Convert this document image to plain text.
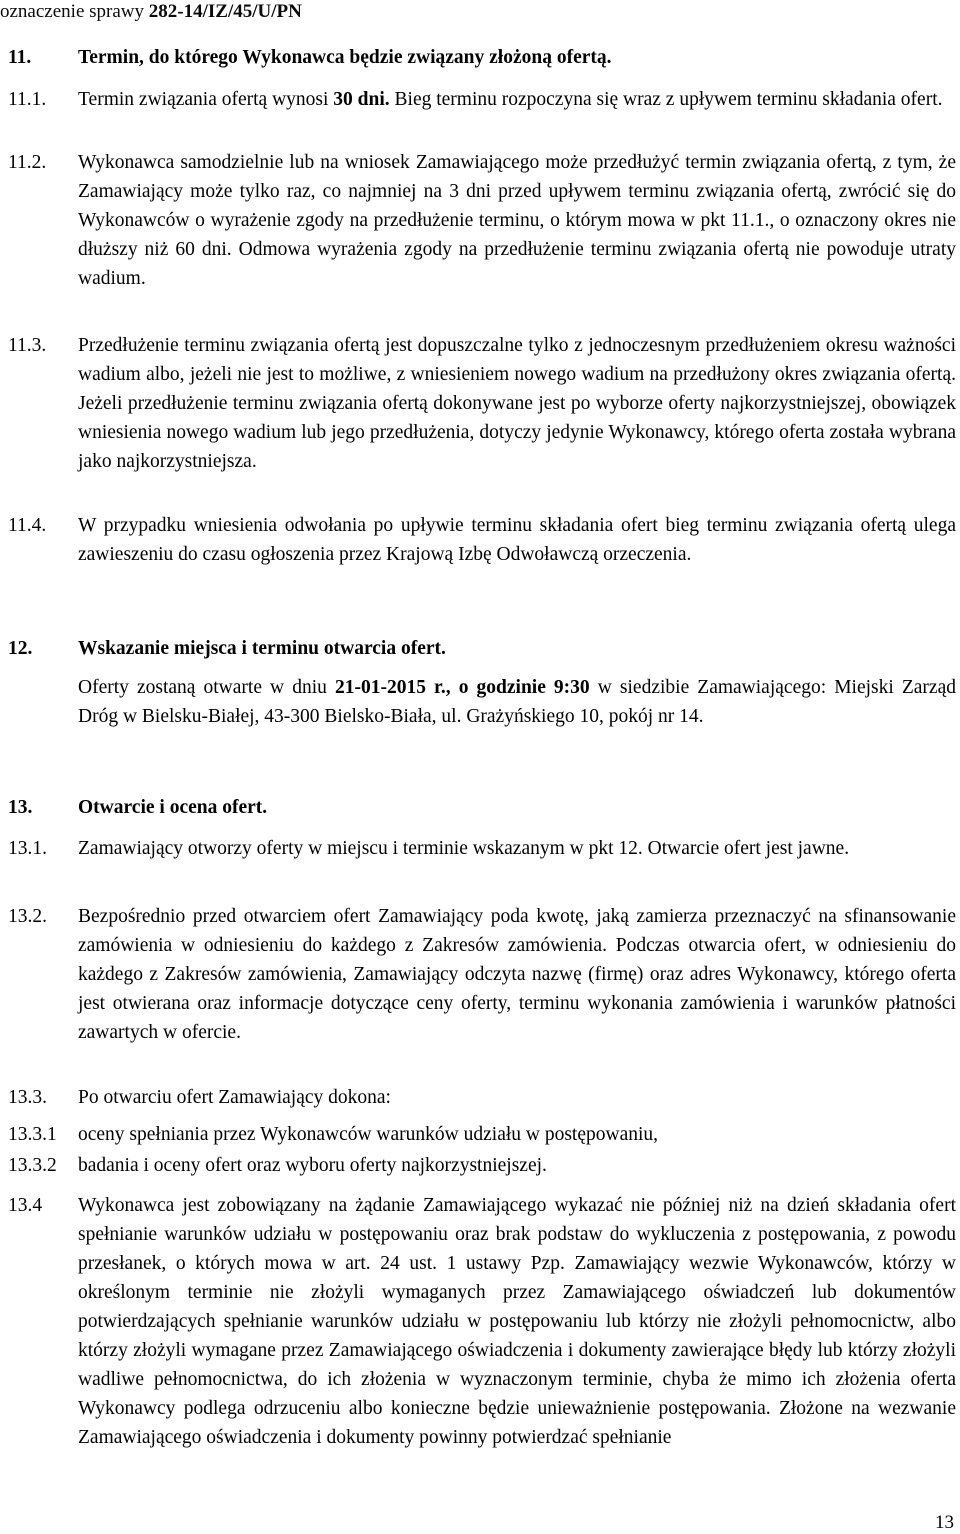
oznaczenie sprawy 282-14/IZ/45/U/PN
11.	Termin, do którego Wykonawca będzie związany złożoną ofertą.
11.1.	Termin związania ofertą wynosi 30 dni. Bieg terminu rozpoczyna się wraz z upływem terminu składania ofert.
11.2.	Wykonawca samodzielnie lub na wniosek Zamawiającego może przedłużyć termin związania ofertą, z tym, że Zamawiający może tylko raz, co najmniej na 3 dni przed upływem terminu związania ofertą, zwrócić się do Wykonawców o wyrażenie zgody na przedłużenie terminu, o którym mowa w pkt 11.1., o oznaczony okres nie dłuższy niż 60 dni. Odmowa wyrażenia zgody na przedłużenie terminu związania ofertą nie powoduje utraty wadium.
11.3.	Przedłużenie terminu związania ofertą jest dopuszczalne tylko z jednoczesnym przedłużeniem okresu ważności wadium albo, jeżeli nie jest to możliwe, z wniesieniem nowego wadium na przedłużony okres związania ofertą. Jeżeli przedłużenie terminu związania ofertą dokonywane jest po wyborze oferty najkorzystniejszej, obowiązek wniesienia nowego wadium lub jego przedłużenia, dotyczy jedynie Wykonawcy, którego oferta została wybrana jako najkorzystniejsza.
11.4.	W przypadku wniesienia odwołania po upływie terminu składania ofert bieg terminu związania ofertą ulega zawieszeniu do czasu ogłoszenia przez Krajową Izbę Odwoławczą orzeczenia.
12.	Wskazanie miejsca i terminu otwarcia ofert.
Oferty zostaną otwarte w dniu 21-01-2015 r., o godzinie 9:30 w siedzibie Zamawiającego: Miejski Zarząd Dróg w Bielsku-Białej, 43-300 Bielsko-Biała, ul. Grażyńskiego 10, pokój nr 14.
13.	Otwarcie i ocena ofert.
13.1.	Zamawiający otworzy oferty w miejscu i terminie wskazanym w pkt 12. Otwarcie ofert jest jawne.
13.2.	Bezpośrednio przed otwarciem ofert Zamawiający poda kwotę, jaką zamierza przeznaczyć na sfinansowanie zamówienia w odniesieniu do każdego z Zakresów zamówienia. Podczas otwarcia ofert, w odniesieniu do każdego z Zakresów zamówienia, Zamawiający odczyta nazwę (firmę) oraz adres Wykonawcy, którego oferta jest otwierana oraz informacje dotyczące ceny oferty, terminu wykonania zamówienia i warunków płatności zawartych w ofercie.
13.3.	Po otwarciu ofert Zamawiający dokona:
13.3.1	oceny spełniania przez Wykonawców warunków udziału w postępowaniu,
13.3.2	badania i oceny ofert oraz wyboru oferty najkorzystniejszej.
13.4	Wykonawca jest zobowiązany na żądanie Zamawiającego wykazać nie później niż na dzień składania ofert spełnianie warunków udziału w postępowaniu oraz brak podstaw do wykluczenia z postępowania, z powodu przesłanek, o których mowa w art. 24 ust. 1 ustawy Pzp. Zamawiający wezwie Wykonawców, którzy w określonym terminie nie złożyli wymaganych przez Zamawiającego oświadczeń lub dokumentów potwierdzających spełnianie warunków udziału w postępowaniu lub którzy nie złożyli pełnomocnictw, albo którzy złożyli wymagane przez Zamawiającego oświadczenia i dokumenty zawierające błędy lub którzy złożyli wadliwe pełnomocnictwa, do ich złożenia w wyznaczonym terminie, chyba że mimo ich złożenia oferta Wykonawcy podlega odrzuceniu albo konieczne będzie unieważnienie postępowania. Złożone na wezwanie Zamawiającego oświadczenia i dokumenty powinny potwierdzać spełnianie
13
